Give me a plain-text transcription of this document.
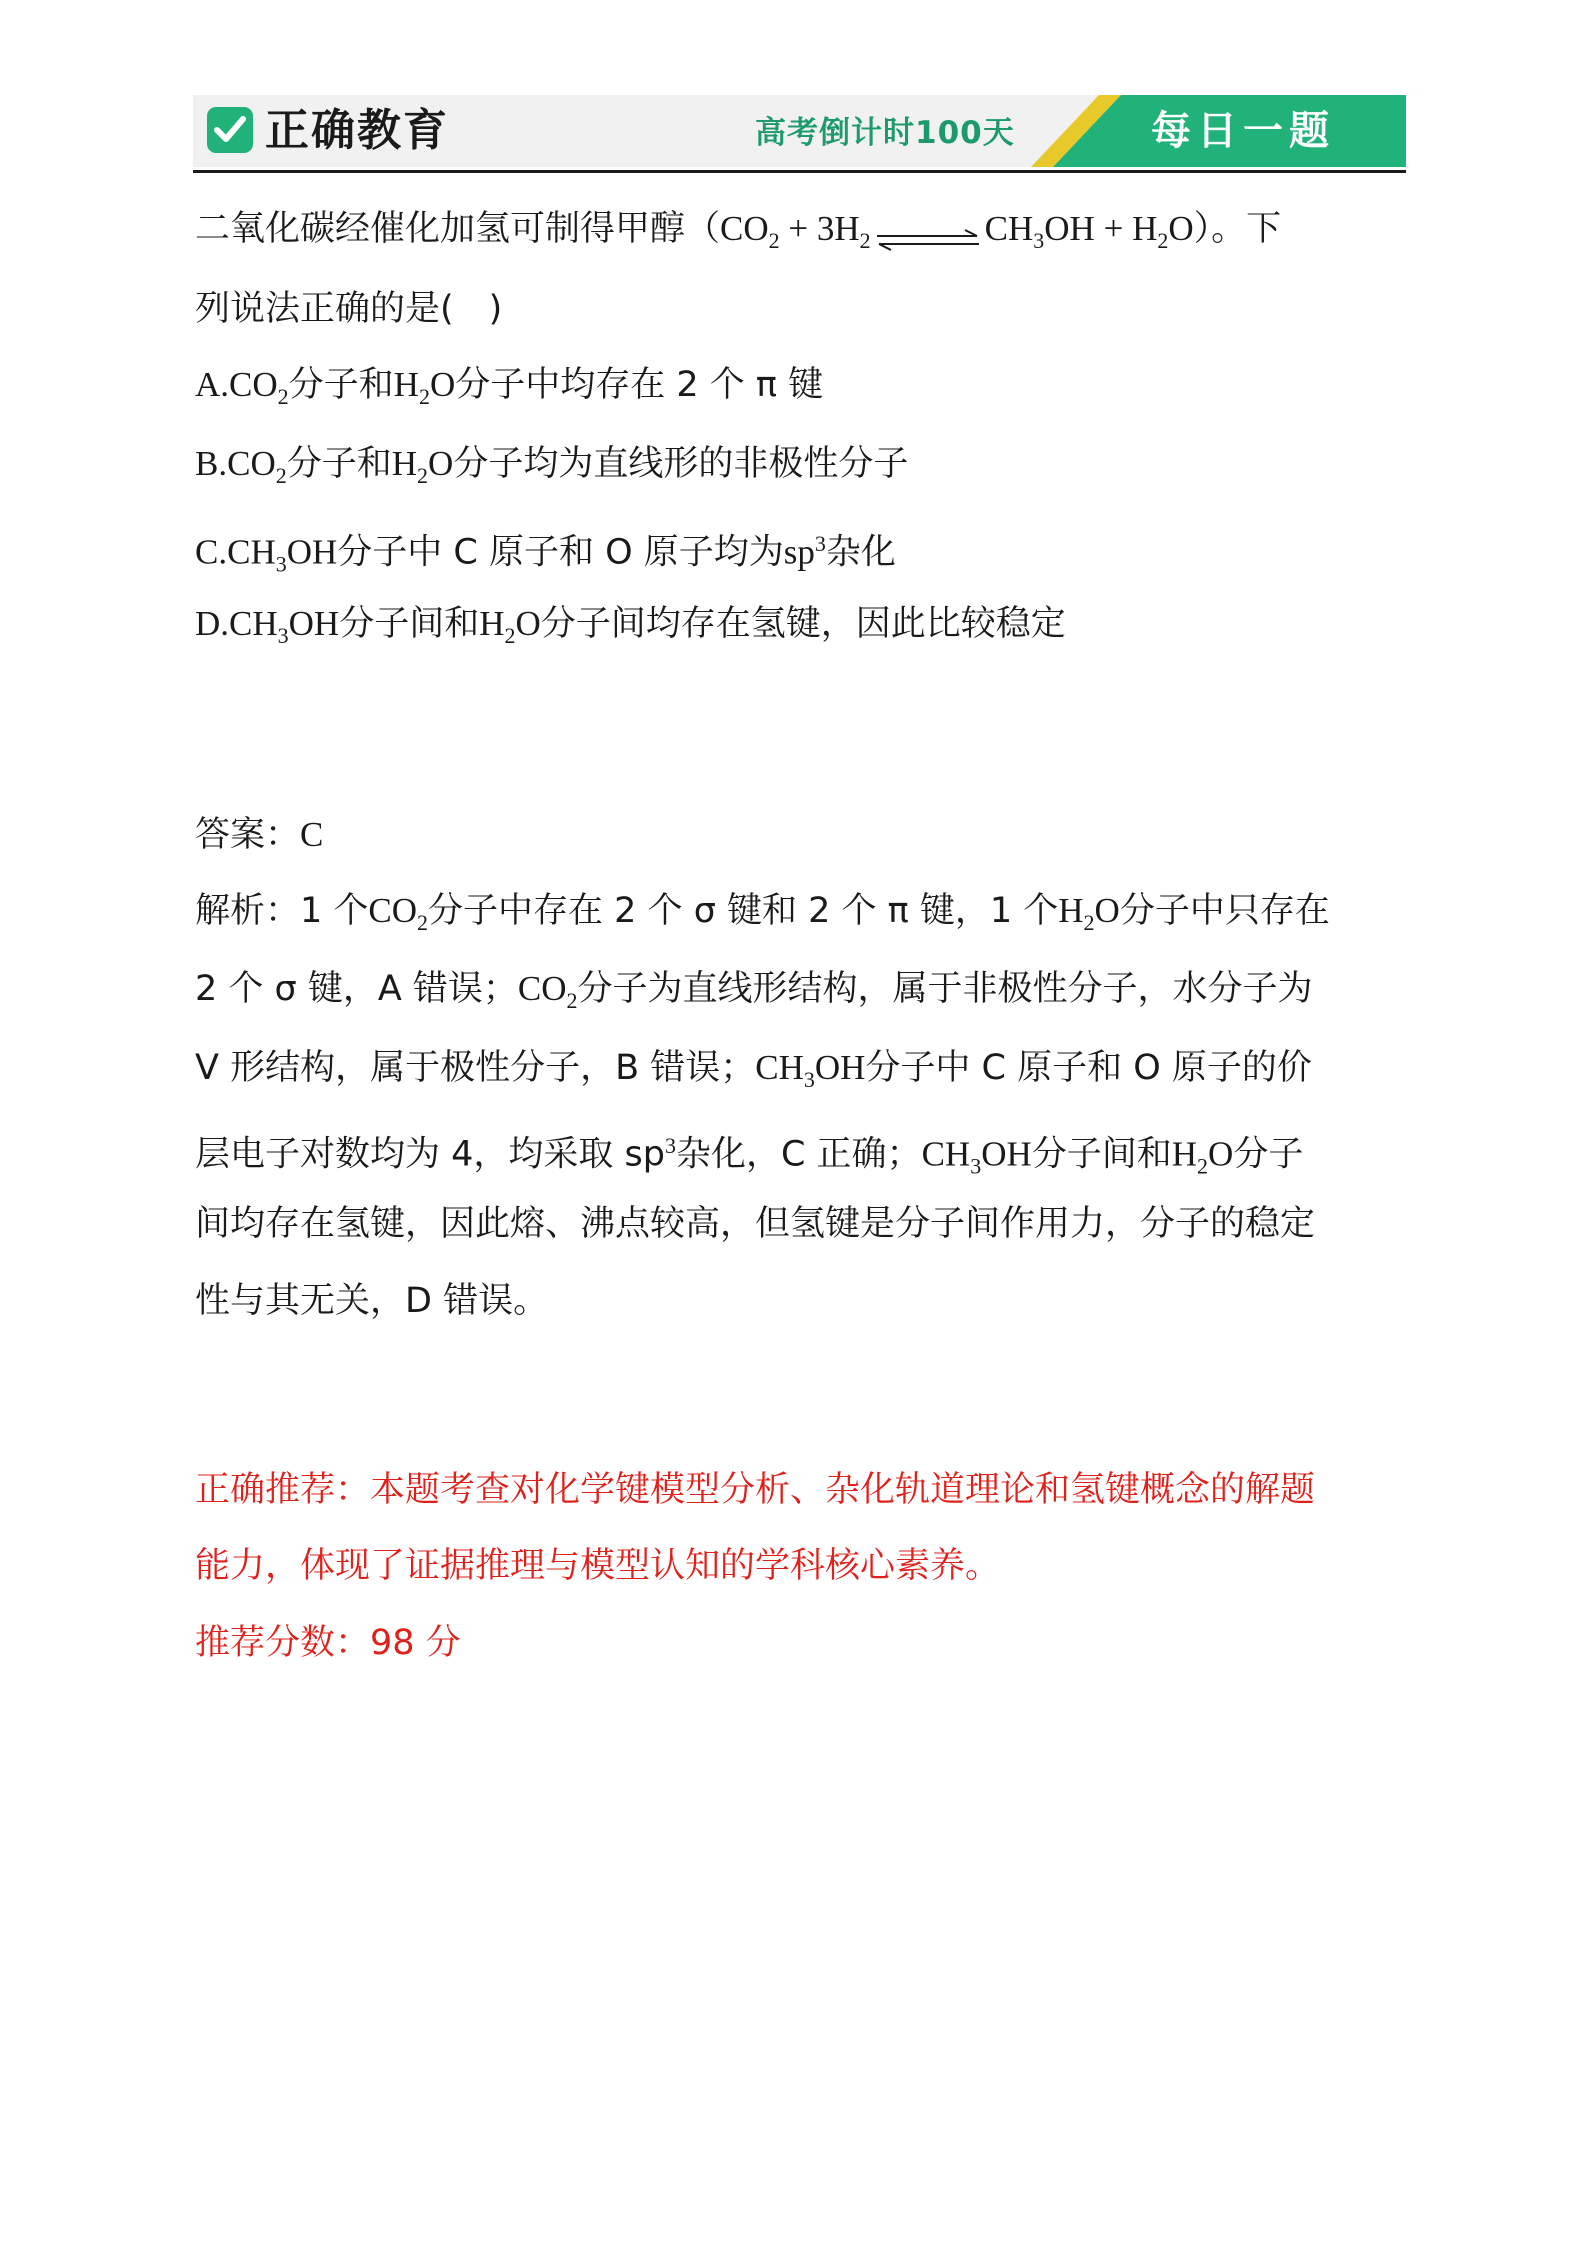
正确教育	高考倒计时100天	每日一题
二氧化碳经催化加氢可制得甲醇（$CO_2 + 3H_2$ ⇌ $CH_3OH + H_2O$）。下
列说法正确的是(　)
$A.CO_2$分子和$H_2O$分子中均存在 2 个 π 键
$B.CO_2$分子和$H_2O$分子均为直线形的非极性分子
$C.CH_3OH$分子中 C 原子和 O 原子均为$sp^3$杂化
$D.CH_3OH$分子间和$H_2O$分子间均存在氢键，因此比较稳定
答案：C
解析：1 个$CO_2$分子中存在 2 个 σ 键和 2 个 π 键，1 个$H_2O$分子中只存在
2 个 σ 键，A 错误；$CO_2$分子为直线形结构，属于非极性分子，水分子为
V 形结构，属于极性分子，B 错误；$CH_3OH$分子中 C 原子和 O 原子的价
层电子对数均为 4，均采取 $sp^3$杂化，C 正确；$CH_3OH$分子间和$H_2O$分子
间均存在氢键，因此熔、沸点较高，但氢键是分子间作用力，分子的稳定
性与其无关，D 错误。
正确推荐：本题考查对化学键模型分析、杂化轨道理论和氢键概念的解题
能力，体现了证据推理与模型认知的学科核心素养。
推荐分数：98 分
